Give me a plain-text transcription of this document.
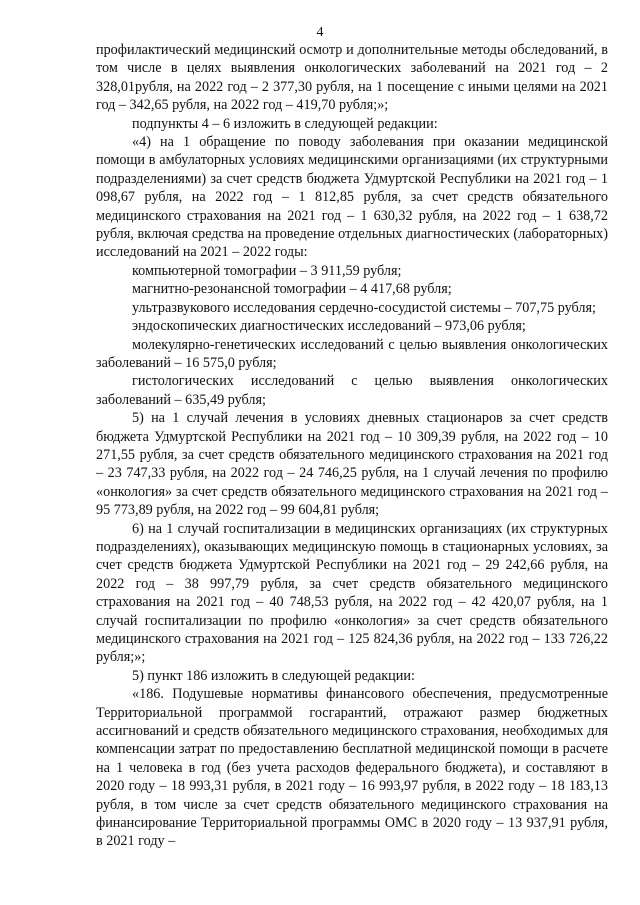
4

профилактический медицинский осмотр и дополнительные методы обследований, в том числе в целях выявления онкологических заболеваний на 2021 год – 2 328,01рубля, на 2022 год – 2 377,30 рубля, на 1 посещение с иными целями на 2021 год – 342,65 рубля, на 2022 год – 419,70 рубля;»;

подпункты 4 – 6 изложить в следующей редакции:

«4) на 1 обращение по поводу заболевания при оказании медицинской помощи в амбулаторных условиях медицинскими организациями (их структурными подразделениями) за счет средств бюджета Удмуртской Республики на 2021 год – 1 098,67 рубля, на 2022 год – 1 812,85 рубля, за счет средств обязательного медицинского страхования на 2021 год – 1 630,32 рубля, на 2022 год – 1 638,72 рубля, включая средства на проведение отдельных диагностических (лабораторных) исследований на 2021 – 2022 годы:

компьютерной томографии – 3 911,59 рубля;

магнитно-резонансной томографии – 4 417,68 рубля;

ультразвукового исследования сердечно-сосудистой системы – 707,75 рубля;

эндоскопических диагностических исследований – 973,06 рубля;

молекулярно-генетических исследований с целью выявления онкологических заболеваний – 16 575,0 рубля;

гистологических исследований с целью выявления онкологических заболеваний – 635,49 рубля;

5) на 1 случай лечения в условиях дневных стационаров за счет средств бюджета Удмуртской Республики на 2021 год – 10 309,39 рубля, на 2022 год – 10 271,55 рубля, за счет средств обязательного медицинского страхования на 2021 год – 23 747,33 рубля, на 2022 год – 24 746,25 рубля, на 1 случай лечения по профилю «онкология» за счет средств обязательного медицинского страхования на 2021 год – 95 773,89 рубля, на 2022 год – 99 604,81 рубля;

6) на 1 случай госпитализации в медицинских организациях (их структурных подразделениях), оказывающих медицинскую помощь в стационарных условиях, за счет средств бюджета Удмуртской Республики на 2021 год – 29 242,66 рубля, на 2022 год – 38 997,79 рубля, за счет средств обязательного медицинского страхования на 2021 год – 40 748,53 рубля, на 2022 год – 42 420,07 рубля, на 1 случай госпитализации по профилю «онкология» за счет средств обязательного медицинского страхования на 2021 год – 125 824,36 рубля, на 2022 год – 133 726,22 рубля;»;

5) пункт 186 изложить в следующей редакции:

«186. Подушевые нормативы финансового обеспечения, предусмотренные Территориальной программой госгарантий, отражают размер бюджетных ассигнований и средств обязательного медицинского страхования, необходимых для компенсации затрат по предоставлению бесплатной медицинской помощи в расчете на 1 человека в год (без учета расходов федерального бюджета), и составляют в 2020 году – 18 993,31 рубля, в 2021 году – 16 993,97 рубля, в 2022 году – 18 183,13 рубля, в том числе за счет средств обязательного медицинского страхования на финансирование Территориальной программы ОМС в 2020 году – 13 937,91 рубля, в 2021 году –
